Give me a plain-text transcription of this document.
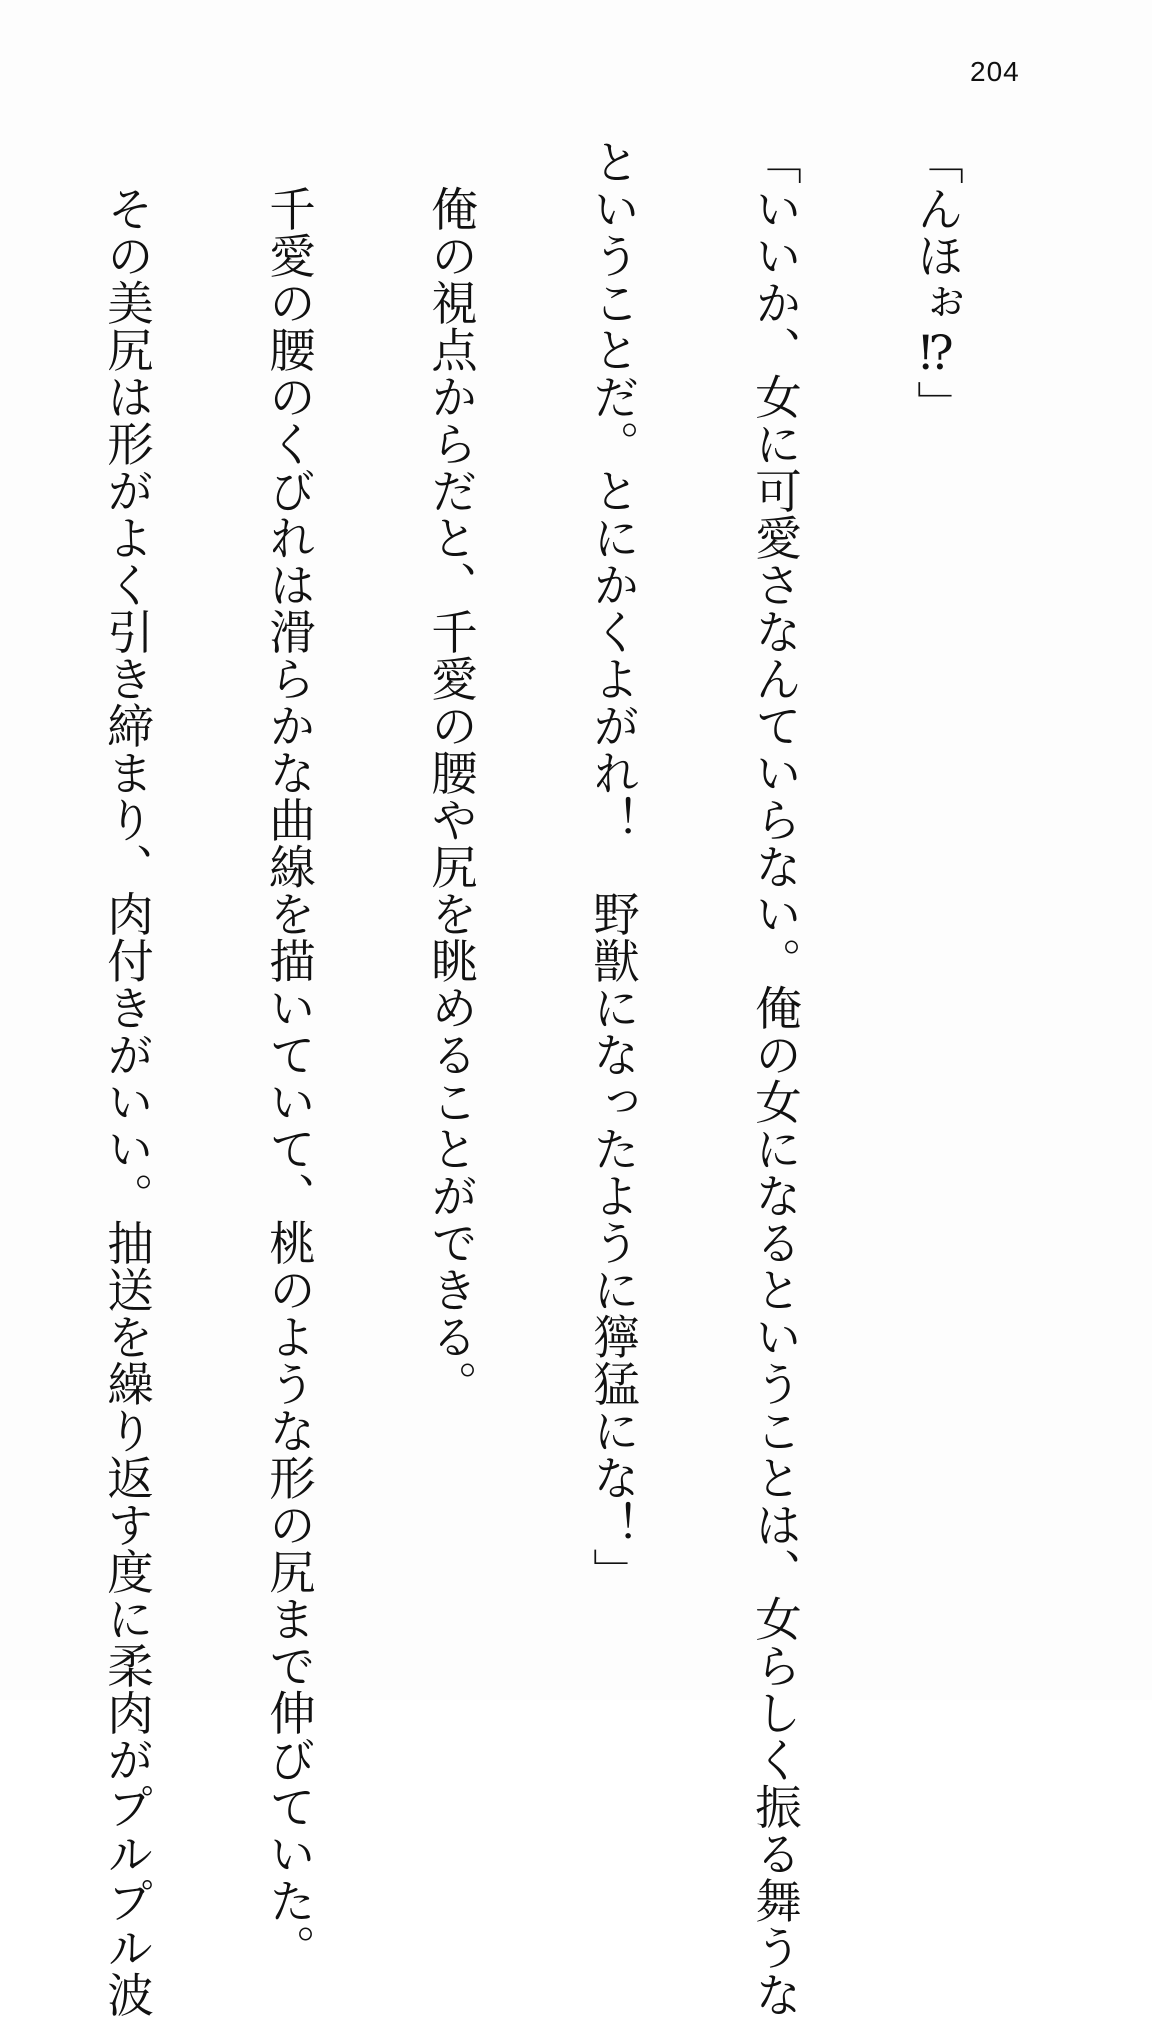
204

「んほぉ⁉」

「いいか、女に可愛さなんていらない。俺の女になるということは、女らしく振る舞うな

ということだ。とにかくよがれ！　野獣になったように獰猛にな！」

　俺の視点からだと、千愛の腰や尻を眺めることができる。

　千愛の腰のくびれは滑らかな曲線を描いていて、桃のような形の尻まで伸びていた。

　その美尻は形がよく引き締まり、肉付きがいい。抽送を繰り返す度に柔肉がプルプル波
